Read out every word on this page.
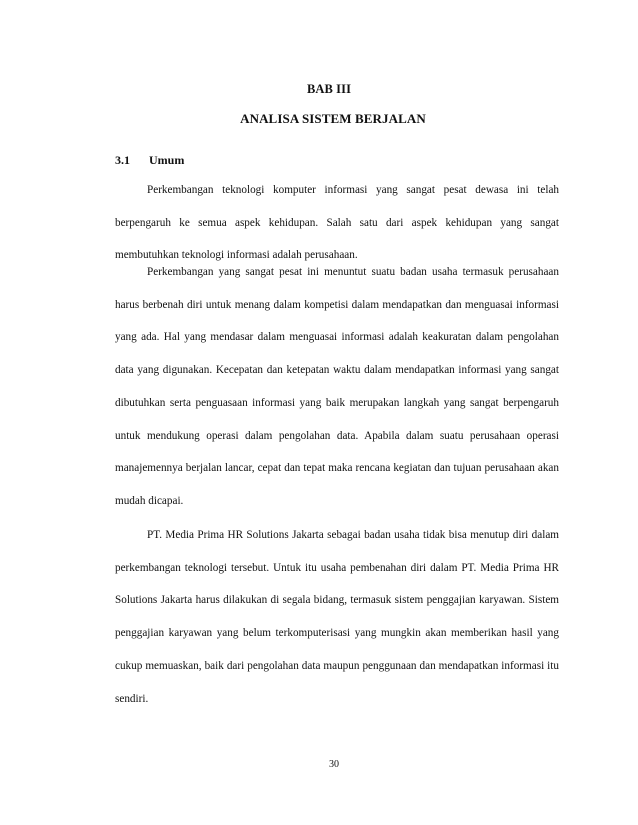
BAB III
ANALISA SISTEM BERJALAN
3.1 Umum

Perkembangan teknologi komputer informasi yang sangat pesat dewasa ini telah berpengaruh ke semua aspek kehidupan. Salah satu dari aspek kehidupan yang sangat membutuhkan teknologi informasi adalah perusahaan.

Perkembangan yang sangat pesat ini menuntut suatu badan usaha termasuk perusahaan harus berbenah diri untuk menang dalam kompetisi dalam mendapatkan dan menguasai informasi yang ada. Hal yang mendasar dalam menguasai informasi adalah keakuratan dalam pengolahan data yang digunakan. Kecepatan dan ketepatan waktu dalam mendapatkan informasi yang sangat dibutuhkan serta penguasaan informasi yang baik merupakan langkah yang sangat berpengaruh untuk mendukung operasi dalam pengolahan data. Apabila dalam suatu perusahaan operasi manajemennya berjalan lancar, cepat dan tepat maka rencana kegiatan dan tujuan perusahaan akan mudah dicapai.

PT. Media Prima HR Solutions Jakarta sebagai badan usaha tidak bisa menutup diri dalam perkembangan teknologi tersebut. Untuk itu usaha pembenahan diri dalam PT. Media Prima HR Solutions Jakarta harus dilakukan di segala bidang, termasuk sistem penggajian karyawan. Sistem penggajian karyawan yang belum terkomputerisasi yang mungkin akan memberikan hasil yang cukup memuaskan, baik dari pengolahan data maupun penggunaan dan mendapatkan informasi itu sendiri.

30
